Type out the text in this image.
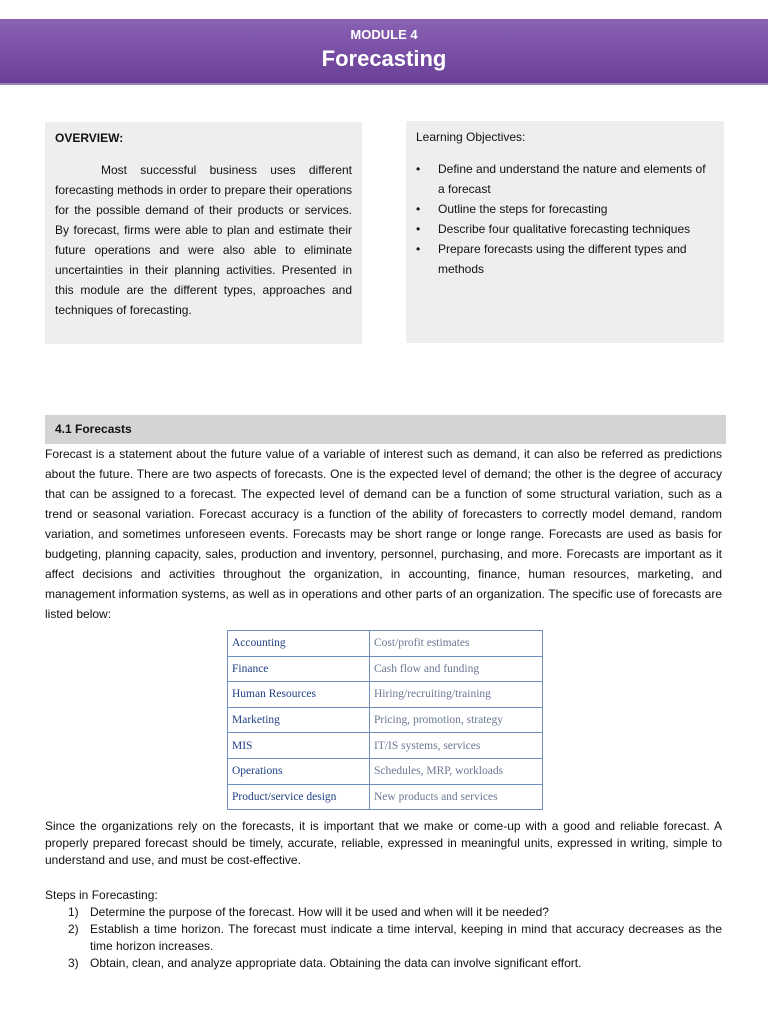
MODULE 4
Forecasting
OVERVIEW:
Most successful business uses different forecasting methods in order to prepare their operations for the possible demand of their products or services. By forecast, firms were able to plan and estimate their future operations and were also able to eliminate uncertainties in their planning activities. Presented in this module are the different types, approaches and techniques of forecasting.
Learning Objectives:
• Define and understand the nature and elements of a forecast
• Outline the steps for forecasting
• Describe four qualitative forecasting techniques
• Prepare forecasts using the different types and methods
4.1 Forecasts
Forecast is a statement about the future value of a variable of interest such as demand, it can also be referred as predictions about the future. There are two aspects of forecasts. One is the expected level of demand; the other is the degree of accuracy that can be assigned to a forecast. The expected level of demand can be a function of some structural variation, such as a trend or seasonal variation. Forecast accuracy is a function of the ability of forecasters to correctly model demand, random variation, and sometimes unforeseen events. Forecasts may be short range or longe range. Forecasts are used as basis for budgeting, planning capacity, sales, production and inventory, personnel, purchasing, and more. Forecasts are important as it affect decisions and activities throughout the organization, in accounting, finance, human resources, marketing, and management information systems, as well as in operations and other parts of an organization. The specific use of forecasts are listed below:
Accounting	Cost/profit estimates
Finance	Cash flow and funding
Human Resources	Hiring/recruiting/training
Marketing	Pricing, promotion, strategy
MIS	IT/IS systems, services
Operations	Schedules, MRP, workloads
Product/service design	New products and services
Since the organizations rely on the forecasts, it is important that we make or come-up with a good and reliable forecast. A properly prepared forecast should be timely, accurate, reliable, expressed in meaningful units, expressed in writing, simple to understand and use, and must be cost-effective.
Steps in Forecasting:
1) Determine the purpose of the forecast. How will it be used and when will it be needed?
2) Establish a time horizon. The forecast must indicate a time interval, keeping in mind that accuracy decreases as the time horizon increases.
3) Obtain, clean, and analyze appropriate data. Obtaining the data can involve significant effort.
